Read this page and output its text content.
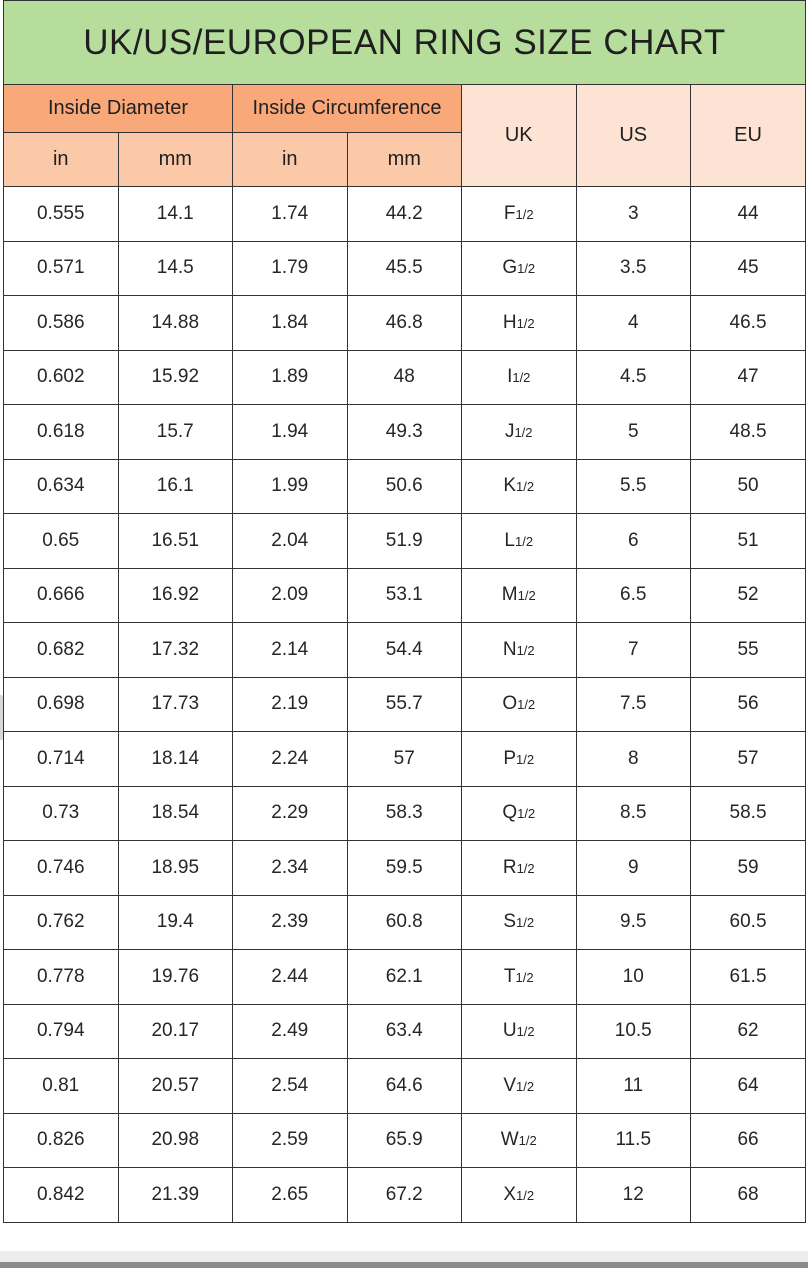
UK/US/EUROPEAN RING SIZE CHART						
Inside Diameter		Inside Circumference		UK	US	EU
in	mm	in	mm			
0.555	14.1	1.74	44.2	F1/2	3	44
0.571	14.5	1.79	45.5	G1/2	3.5	45
0.586	14.88	1.84	46.8	H1/2	4	46.5
0.602	15.92	1.89	48	I1/2	4.5	47
0.618	15.7	1.94	49.3	J1/2	5	48.5
0.634	16.1	1.99	50.6	K1/2	5.5	50
0.65	16.51	2.04	51.9	L1/2	6	51
0.666	16.92	2.09	53.1	M1/2	6.5	52
0.682	17.32	2.14	54.4	N1/2	7	55
0.698	17.73	2.19	55.7	O1/2	7.5	56
0.714	18.14	2.24	57	P1/2	8	57
0.73	18.54	2.29	58.3	Q1/2	8.5	58.5
0.746	18.95	2.34	59.5	R1/2	9	59
0.762	19.4	2.39	60.8	S1/2	9.5	60.5
0.778	19.76	2.44	62.1	T1/2	10	61.5
0.794	20.17	2.49	63.4	U1/2	10.5	62
0.81	20.57	2.54	64.6	V1/2	11	64
0.826	20.98	2.59	65.9	W1/2	11.5	66
0.842	21.39	2.65	67.2	X1/2	12	68
